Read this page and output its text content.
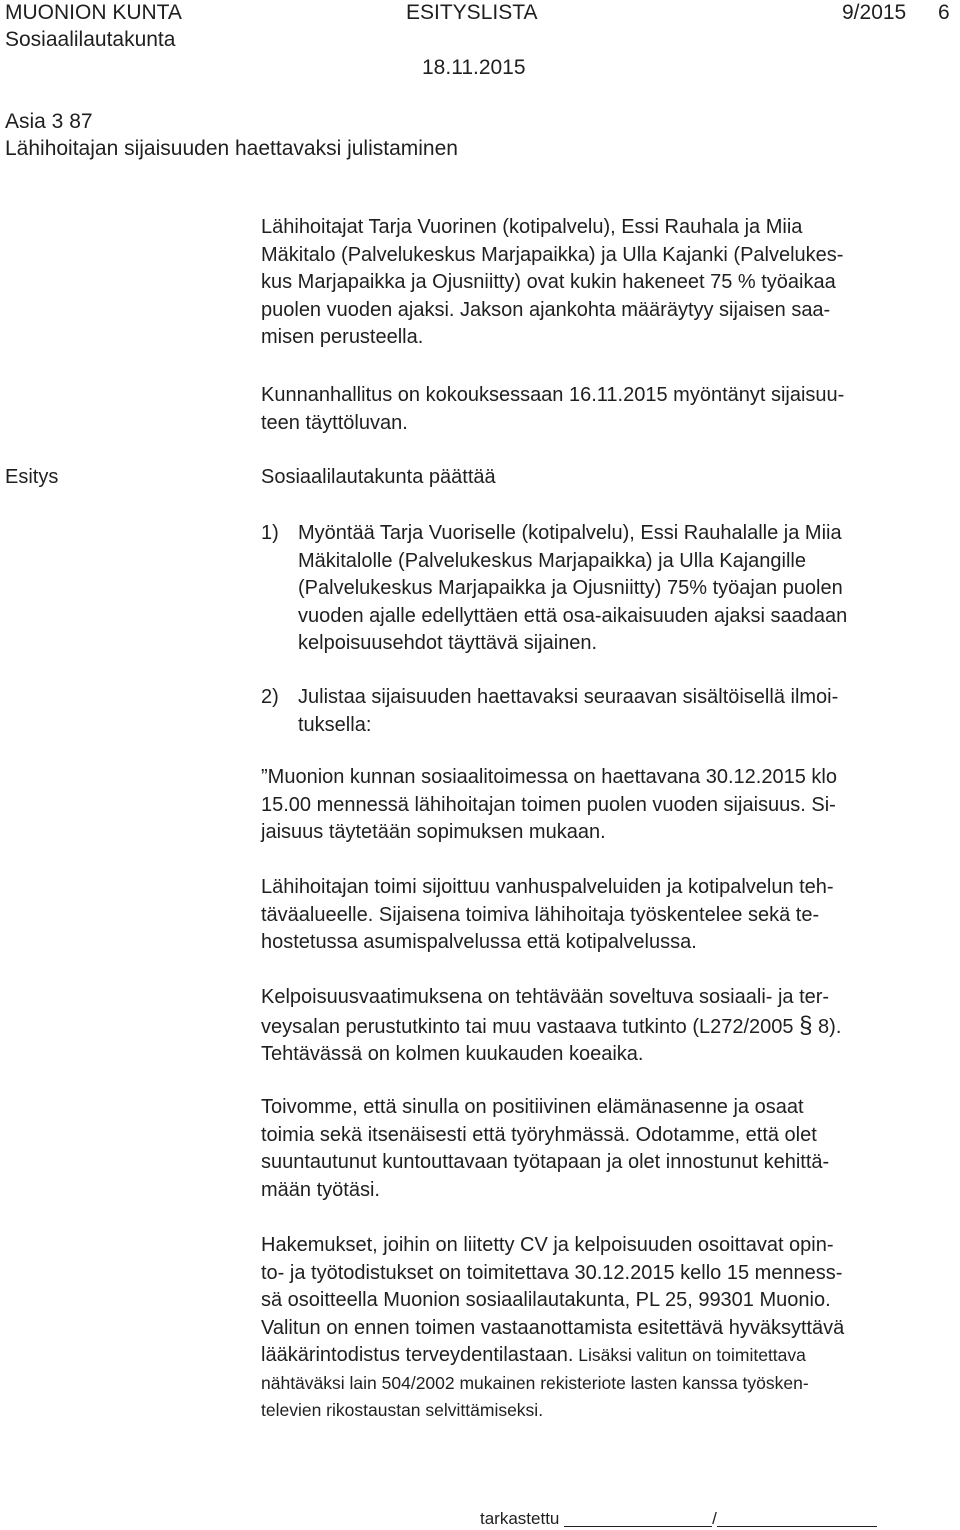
MUONION KUNTA	ESITYSLISTA	9/2015 6
Sosiaalilautakunta
18.11.2015
Asia 3 87
Lähihoitajan sijaisuuden haettavaksi julistaminen

Lähihoitajat Tarja Vuorinen (kotipalvelu), Essi Rauhala ja Miia

Mäkitalo (Palvelukeskus Marjapaikka) ja Ulla Kajanki (Palvelukes-

kus Marjapaikka ja Ojusniitty) ovat kukin hakeneet 75 % työaikaa

puolen vuoden ajaksi. Jakson ajankohta määräytyy sijaisen saa-

misen perusteella.

Kunnanhallitus on kokouksessaan 16.11.2015 myöntänyt sijaisuu-

teen täyttöluvan.

Esitys	Sosiaalilautakunta päättää
1) Myöntää Tarja Vuoriselle (kotipalvelu), Essi Rauhalalle ja Miia

Mäkitalolle (Palvelukeskus Marjapaikka) ja Ulla Kajangille

(Palvelukeskus Marjapaikka ja Ojusniitty) 75% työajan puolen

vuoden ajalle edellyttäen että osa-aikaisuuden ajaksi saadaan

kelpoisuusehdot täyttävä sijainen.

2) Julistaa sijaisuuden haettavaksi seuraavan sisältöisellä ilmoi-

tuksella:

”Muonion kunnan sosiaalitoimessa on haettavana 30.12.2015 klo

15.00 mennessä lähihoitajan toimen puolen vuoden sijaisuus. Si-

jaisuus täytetään sopimuksen mukaan.

Lähihoitajan toimi sijoittuu vanhuspalveluiden ja kotipalvelun teh-

täväalueelle. Sijaisena toimiva lähihoitaja työskentelee sekä te-

hostetussa asumispalvelussa että kotipalvelussa.

Kelpoisuusvaatimuksena on tehtävään soveltuva sosiaali- ja ter-

veysalan perustutkinto tai muu vastaava tutkinto (L272/2005 § 8).

Tehtävässä on kolmen kuukauden koeaika.

Toivomme, että sinulla on positiivinen elämänasenne ja osaat

toimia sekä itsenäisesti että työryhmässä. Odotamme, että olet

suuntautunut kuntouttavaan työtapaan ja olet innostunut kehittä-

mään työtäsi.

Hakemukset, joihin on liitetty CV ja kelpoisuuden osoittavat opin-

to- ja työtodistukset on toimitettava 30.12.2015 kello 15 menness-

sä osoitteella Muonion sosiaalilautakunta, PL 25, 99301 Muonio.

Valitun on ennen toimen vastaanottamista esitettävä hyväksyttävä

lääkärintodistus terveydentilastaan. Lisäksi valitun on toimitettava

nähtäväksi lain 504/2002 mukainen rekisteriote lasten kanssa työsken-

televien rikostaustan selvittämiseksi.

tarkastettu	/
